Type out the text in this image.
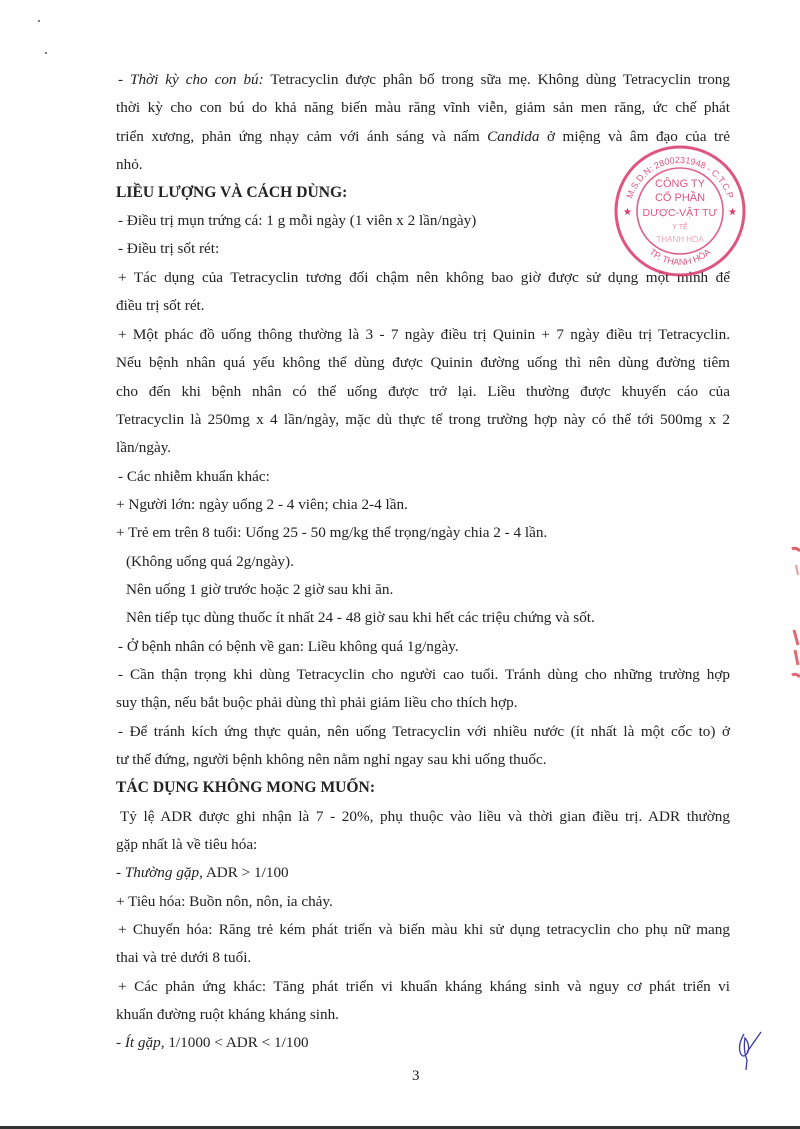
- Thời kỳ cho con bú: Tetracyclin được phân bố trong sữa mẹ. Không dùng Tetracyclin trong
thời kỳ cho con bú do khả năng biến màu răng vĩnh viễn, giảm sản men răng, ức chế phát
triển xương, phản ứng nhạy cảm với ánh sáng và nấm Candida ở miệng và âm đạo của trẻ
nhỏ.
LIỀU LƯỢNG VÀ CÁCH DÙNG:
- Điều trị mụn trứng cá: 1 g mỗi ngày (1 viên x 2 lần/ngày)
- Điều trị sốt rét:
+ Tác dụng của Tetracyclin tương đối chậm nên không bao giờ được sử dụng một mình để
điều trị sốt rét.
+ Một phác đồ uống thông thường là 3 - 7 ngày điều trị Quinin + 7 ngày điều trị Tetracyclin.
Nếu bệnh nhân quá yếu không thể dùng được Quinin đường uống thì nên dùng đường tiêm
cho đến khi bệnh nhân có thể uống được trở lại. Liều thường được khuyến cáo của
Tetracyclin là 250mg x 4 lần/ngày, mặc dù thực tế trong trường hợp này có thể tới 500mg x 2
lần/ngày.
- Các nhiễm khuẩn khác:
+ Người lớn: ngày uống 2 - 4 viên; chia 2-4 lần.
+ Trẻ em trên 8 tuổi: Uống 25 - 50 mg/kg thể trọng/ngày chia 2 - 4 lần.
(Không uống quá 2g/ngày).
Nên uống 1 giờ trước hoặc 2 giờ sau khi ăn.
Nên tiếp tục dùng thuốc ít nhất 24 - 48 giờ sau khi hết các triệu chứng và sốt.
- Ở bệnh nhân có bệnh về gan: Liều không quá 1g/ngày.
- Cần thận trọng khi dùng Tetracyclin cho người cao tuổi. Tránh dùng cho những trường hợp
suy thận, nếu bắt buộc phải dùng thì phải giảm liều cho thích hợp.
- Để tránh kích ứng thực quản, nên uống Tetracyclin với nhiều nước (ít nhất là một cốc to) ở
tư thế đứng, người bệnh không nên nằm nghỉ ngay sau khi uống thuốc.
TÁC DỤNG KHÔNG MONG MUỐN:
Tỷ lệ ADR được ghi nhận là 7 - 20%, phụ thuộc vào liều và thời gian điều trị. ADR thường
gặp nhất là về tiêu hóa:
- Thường gặp, ADR > 1/100
+ Tiêu hóa: Buồn nôn, nôn, ỉa chảy.
+ Chuyển hóa: Răng trẻ kém phát triển và biến màu khi sử dụng tetracyclin cho phụ nữ mang
thai và trẻ dưới 8 tuổi.
+ Các phản ứng khác: Tăng phát triển vi khuẩn kháng kháng sinh và nguy cơ phát triển vi
khuẩn đường ruột kháng kháng sinh.
- Ít gặp, 1/1000 < ADR < 1/100
3
M.S.D.N: 2800231948 - C.T.C.P
TP. THANH HÓA
★	★
CÔNG TY
CỔ PHẦN
DƯỢC-VẬT TƯ
Y TẾ
THANH HÓA
